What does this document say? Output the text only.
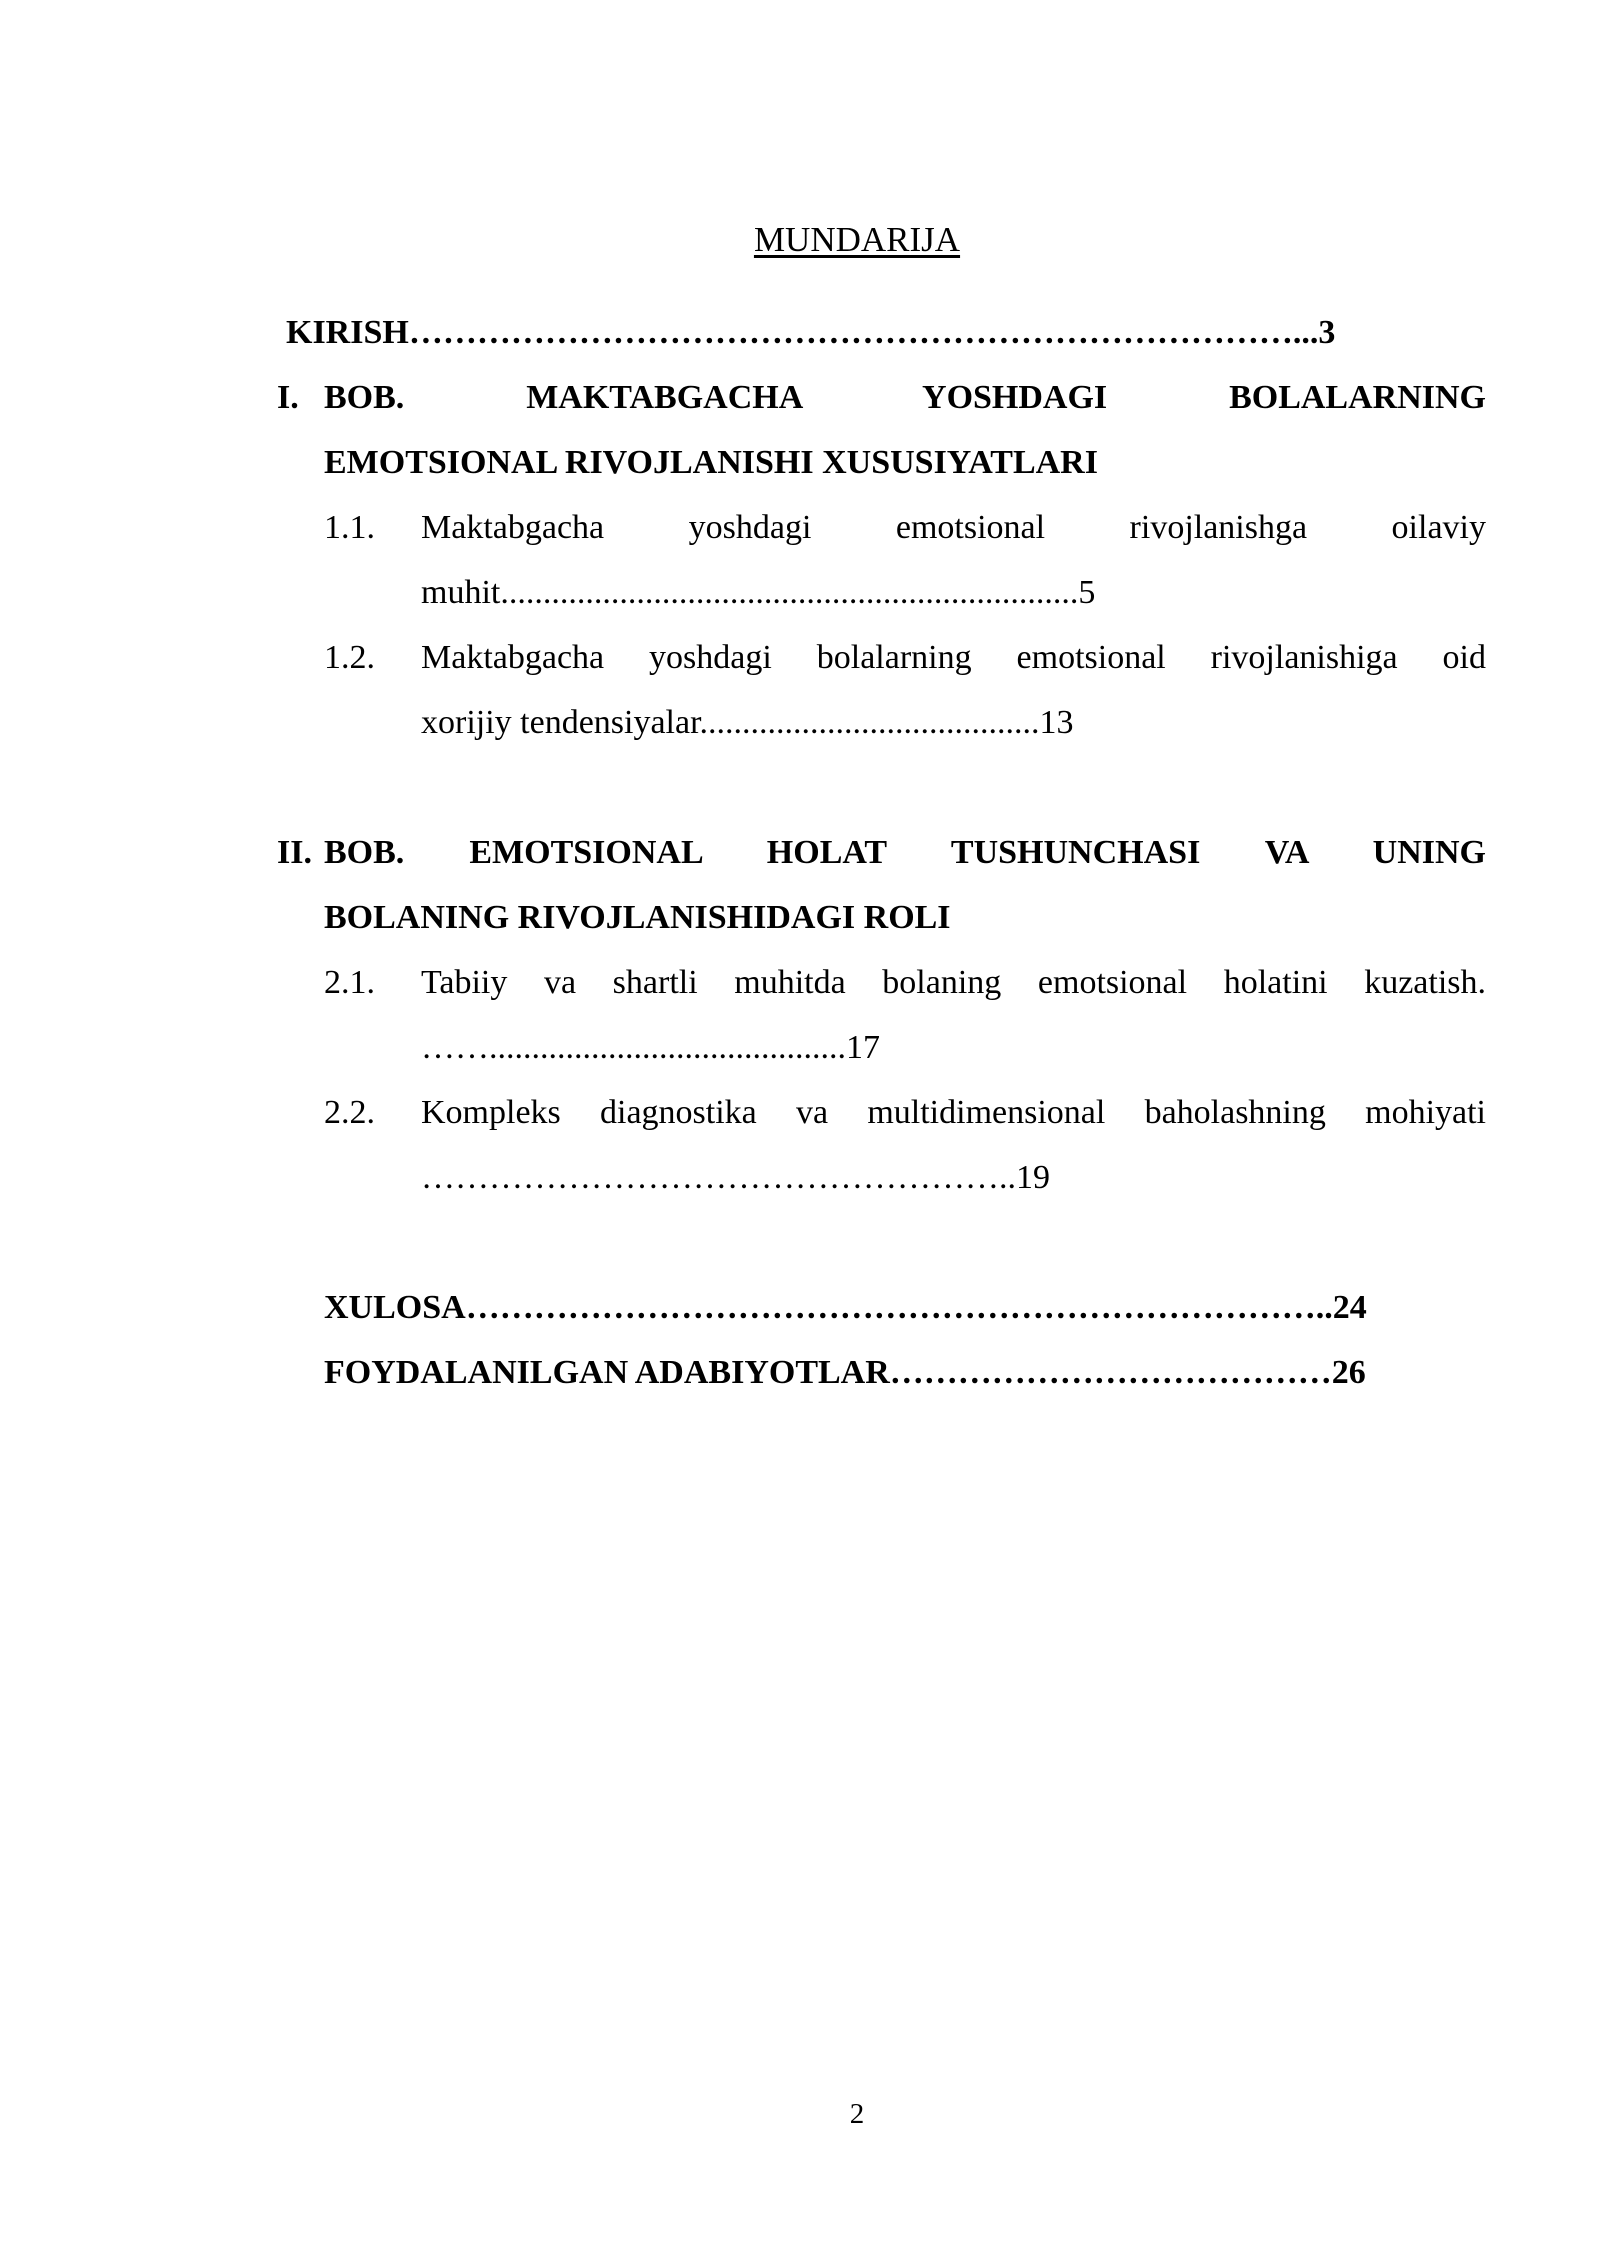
MUNDARIJA
KIRISH……………………………………………………………………...3
I. BOB. MAKTABGACHA YOSHDAGI BOLALARNING
EMOTSIONAL RIVOJLANISHI XUSUSIYATLARI
1.1.	Maktabgacha yoshdagi emotsional rivojlanishga oilaviy
muhit....................................................................5
1.2.	Maktabgacha yoshdagi bolalarning emotsional rivojlanishiga oid
xorijiy tendensiyalar........................................13
II. BOB. EMOTSIONAL HOLAT TUSHUNCHASI VA UNING
BOLANING RIVOJLANISHIDAGI ROLI
2.1.	Tabiiy va shartli muhitda bolaning emotsional holatini kuzatish.
……..........................................17
2.2.	Kompleks diagnostika va multidimensional baholashning mohiyati
……………………………………………..19
XULOSA…………………………………………………………………..24
FOYDALANILGAN ADABIYOTLAR…………………………………26
2
